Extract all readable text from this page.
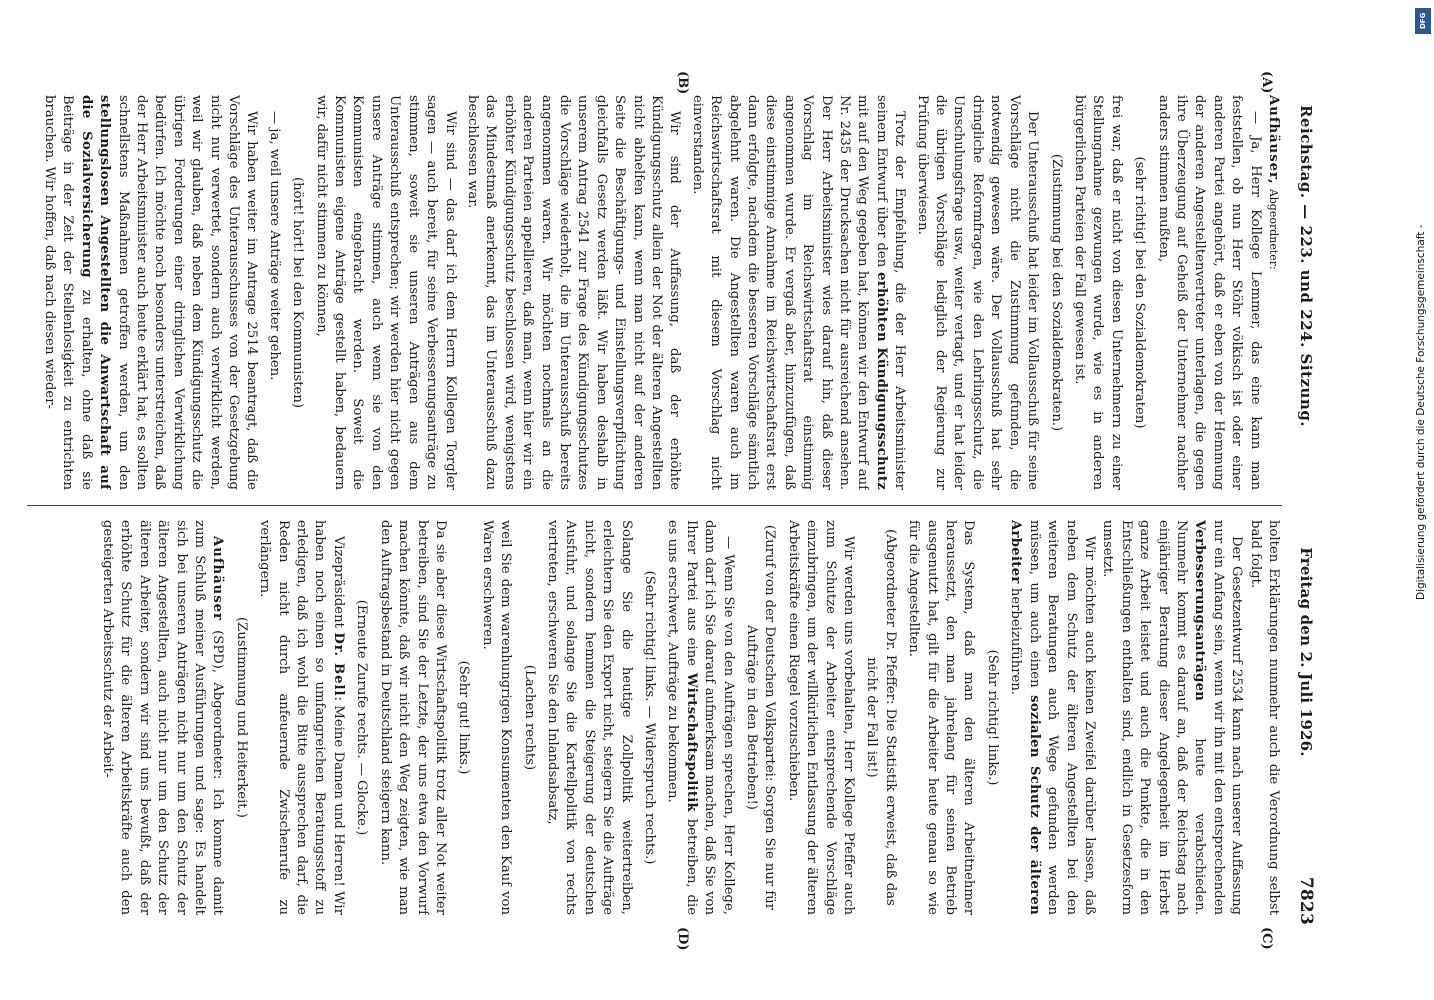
Reichstag. — 223. und 224. Sitzung.
Freitag den 2. Juli 1926.
7823
(A)
(B)
(C)
(D)

Aufhäuser, Abgeordneter:

— Ja, Herr Kollege Lemmer, das eine kann man feststellen, ob nun Herr Stöhr völkisch ist oder einer anderen Partei angehört, daß er eben von der Hemmung der anderen Angestelltenvertreter unterlagen, die gegen ihre Überzeugung auf Geheiß der Unternehmer nachher anders stimmen mußten,

(sehr richtig! bei den Sozialdemokraten)

frei war, daß er nicht von diesen Unternehmern zu einer Stellungnahme gezwungen wurde, wie es in anderen bürgerlichen Parteien der Fall gewesen ist.

(Zustimmung bei den Sozialdemokraten.)

Der Unterausschuß hat leider im Vollausschuß für seine Vorschläge nicht die Zustimmung gefunden, die notwendig gewesen wäre. Der Vollausschuß hat sehr dringliche Reformfragen, wie den Lehrlingsschutz, die Umschulungsfrage usw., weiter vertagt, und er hat leider die übrigen Vorschläge lediglich der Regierung zur Prüfung überwiesen.

Trotz der Empfehlung, die der Herr Arbeitsminister seinem Entwurf über den erhöhten Kündigungsschutz mit auf den Weg gegeben hat, können wir den Entwurf auf Nr. 2435 der Drucksachen nicht für ausreichend ansehen. Der Herr Arbeitsminister wies darauf hin, daß dieser Vorschlag im Reichswirtschaftsrat einstimmig angenommen wurde. Er vergaß aber, hinzuzufügen, daß diese einstimmige Annahme im Reichswirtschaftsrat erst dann erfolgte, nachdem die besseren Vorschläge sämtlich abgelehnt waren. Die Angestellten waren auch im Reichswirtschaftsrat mit diesem Vorschlag nicht einverstanden.

Wir sind der Auffassung, daß der erhöhte Kündigungsschutz allein der Not der älteren Angestellten nicht abhelfen kann, wenn man nicht auf der anderen Seite die Beschäftigungs- und Einstellungsverpflichtung gleichfalls Gesetz werden läßt. Wir haben deshalb in unserem Antrag 2541 zur Frage des Kündigungsschutzes die Vorschläge wiederholt, die im Unterausschuß bereits angenommen waren. Wir möchten nochmals an die anderen Parteien appellieren, daß man, wenn hier wir ein erhöhter Kündigungsschutz beschlossen wird, wenigstens das Mindestmaß anerkennt, das im Unterausschuß dazu beschlossen war.

Wir sind — das darf ich dem Herrn Kollegen Torgler sagen — auch bereit, für seine Verbesserungsanträge zu stimmen, soweit sie unseren Anträgen aus dem Unterausschuß entsprechen; wir werden hier nicht gegen unsere Anträge stimmen, auch wenn sie von den Kommunisten eingebracht werden. Soweit die Kommunisten eigene Anträge gestellt haben, bedauern wir, dafür nicht stimmen zu können,

(hört! hört! bei den Kommunisten)

— ja, weil unsere Anträge weiter gehen.

Wir haben weiter im Antrage 2514 beantragt, daß die Vorschläge des Unterausschusses von der Gesetzgebung nicht nur verwertet, sondern auch verwirklicht werden, weil wir glauben, daß neben dem Kündigungsschutz die übrigen Forderungen einer dringlichen Verwirklichung bedürfen. Ich möchte noch besonders unterstreichen, daß der Herr Arbeitsminister auch heute erklärt hat, es sollten schnellstens Maßnahmen getroffen werden, um den stellungslosen Angestellten die Anwartschaft auf die Sozialversicherung zu erhalten, ohne daß sie Beiträge in der Zeit der Stellenlosigkeit zu entrichten brauchen. Wir hoffen, daß nach diesen wieder-

holten Erklärungen nunmehr auch die Verordnung selbst bald folgt.

Der Gesetzentwurf 2534 kann nach unserer Auffassung nur ein Anfang sein, wenn wir ihn mit den entsprechenden Verbesserungsanträgen heute verabschieden. Nunmehr kommt es darauf an, daß der Reichstag nach einjähriger Beratung dieser Angelegenheit im Herbst ganze Arbeit leistet und auch die Punkte, die in den Entschließungen enthalten sind, endlich in Gesetzesform umsetzt.

Wir möchten auch keinen Zweifel darüber lassen, daß neben dem Schutz der älteren Angestellten bei den weiteren Beratungen auch Wege gefunden werden müssen, um auch einen sozialen Schutz der älteren Arbeiter herbeizuführen.

(Sehr richtig! links.)

Das System, daß man den älteren Arbeitnehmer heraussetzt, den man jahrelang für seinen Betrieb ausgenutzt hat, gilt für die Arbeiter heute genau so wie für die Angestellten.

(Abgeordneter Dr. Pfeffer: Die Statistik erweist, daß das nicht der Fall ist!)

Wir werden uns vorbehalten, Herr Kollege Pfeffer auch zum Schutze der Arbeiter entsprechende Vorschläge einzubringen, um der willkürlichen Entlassung der älteren Arbeitskräfte einen Riegel vorzuschieben.

(Zuruf von der Deutschen Volkspartei: Sorgen Sie nur für Aufträge in den Betrieben!)

— Wenn Sie von den Aufträgen sprechen, Herr Kollege, dann darf ich Sie darauf aufmerksam machen, daß Sie von Ihrer Partei aus eine Wirtschaftspolitik betreiben, die es uns erschwert, Aufträge zu bekommen.

(Sehr richtig! links. — Widerspruch rechts.)

Solange Sie die heutige Zollpolitik weitertreiben, erleichtern Sie den Export nicht, steigern Sie die Aufträge nicht, sondern hemmen die Steigerung der deutschen Ausfuhr, und solange Sie die Kartellpolitik von rechts vertreten, erschweren Sie den Inlandsabsatz,

(Lachen rechts)

weil Sie dem warenhungrigen Konsumenten den Kauf von Waren erschweren.

(Sehr gut! links.)

Da sie aber diese Wirtschaftspolitik trotz aller Not weiter betreiben, sind Sie der Letzte, der uns etwa den Vorwurf machen könnte, daß wir nicht den Weg zeigten, wie man den Auftragsbestand in Deutschland steigern kann.

(Erneute Zurufe rechts. — Glocke.)

Vizepräsident Dr. Bell: Meine Damen und Herren! Wir haben noch einen so umfangreichen Beratungsstoff zu erledigen, daß ich wohl die Bitte aussprechen darf, die Reden nicht durch anfeuernde Zwischenrufe zu verlängern.

(Zustimmung und Heiterkeit.)

Aufhäuser (SPD), Abgeordneter: Ich komme damit zum Schluß meiner Ausführungen und sage: Es handelt sich bei unseren Anträgen nicht nur um den Schutz der älteren Angestellten, auch nicht nur um den Schutz der älteren Arbeiter, sondern wir sind uns bewußt, daß der erhöhte Schutz für die älteren Arbeitskräfte auch den gesteigerten Arbeitsschutz der Arbeit-

DFG
Digitalisierung gefördert durch die Deutsche Forschungsgemeinschaft -
